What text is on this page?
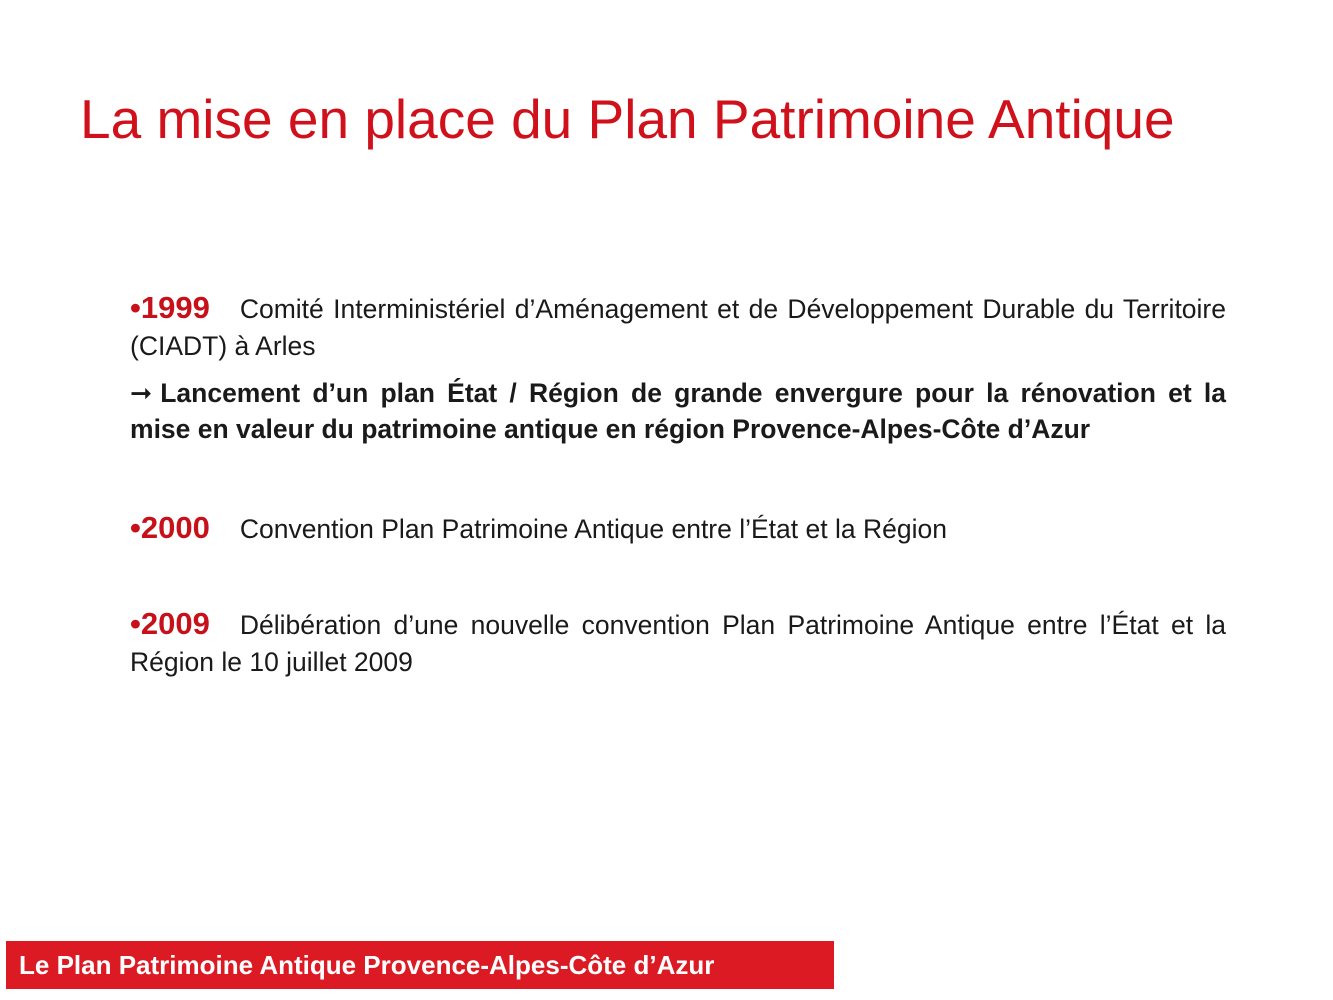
La mise en place du Plan Patrimoine Antique

•1999 Comité Interministériel d’Aménagement et de Développement Durable du Territoire (CIADT) à Arles

➞ Lancement d’un plan État / Région de grande envergure pour la rénovation et la mise en valeur du patrimoine antique en région Provence-Alpes-Côte d’Azur

•2000 Convention Plan Patrimoine Antique entre l’État et la Région

•2009 Délibération d’une nouvelle convention Plan Patrimoine Antique entre l’État et la Région le 10 juillet 2009

Le Plan Patrimoine Antique Provence-Alpes-Côte d’Azur
